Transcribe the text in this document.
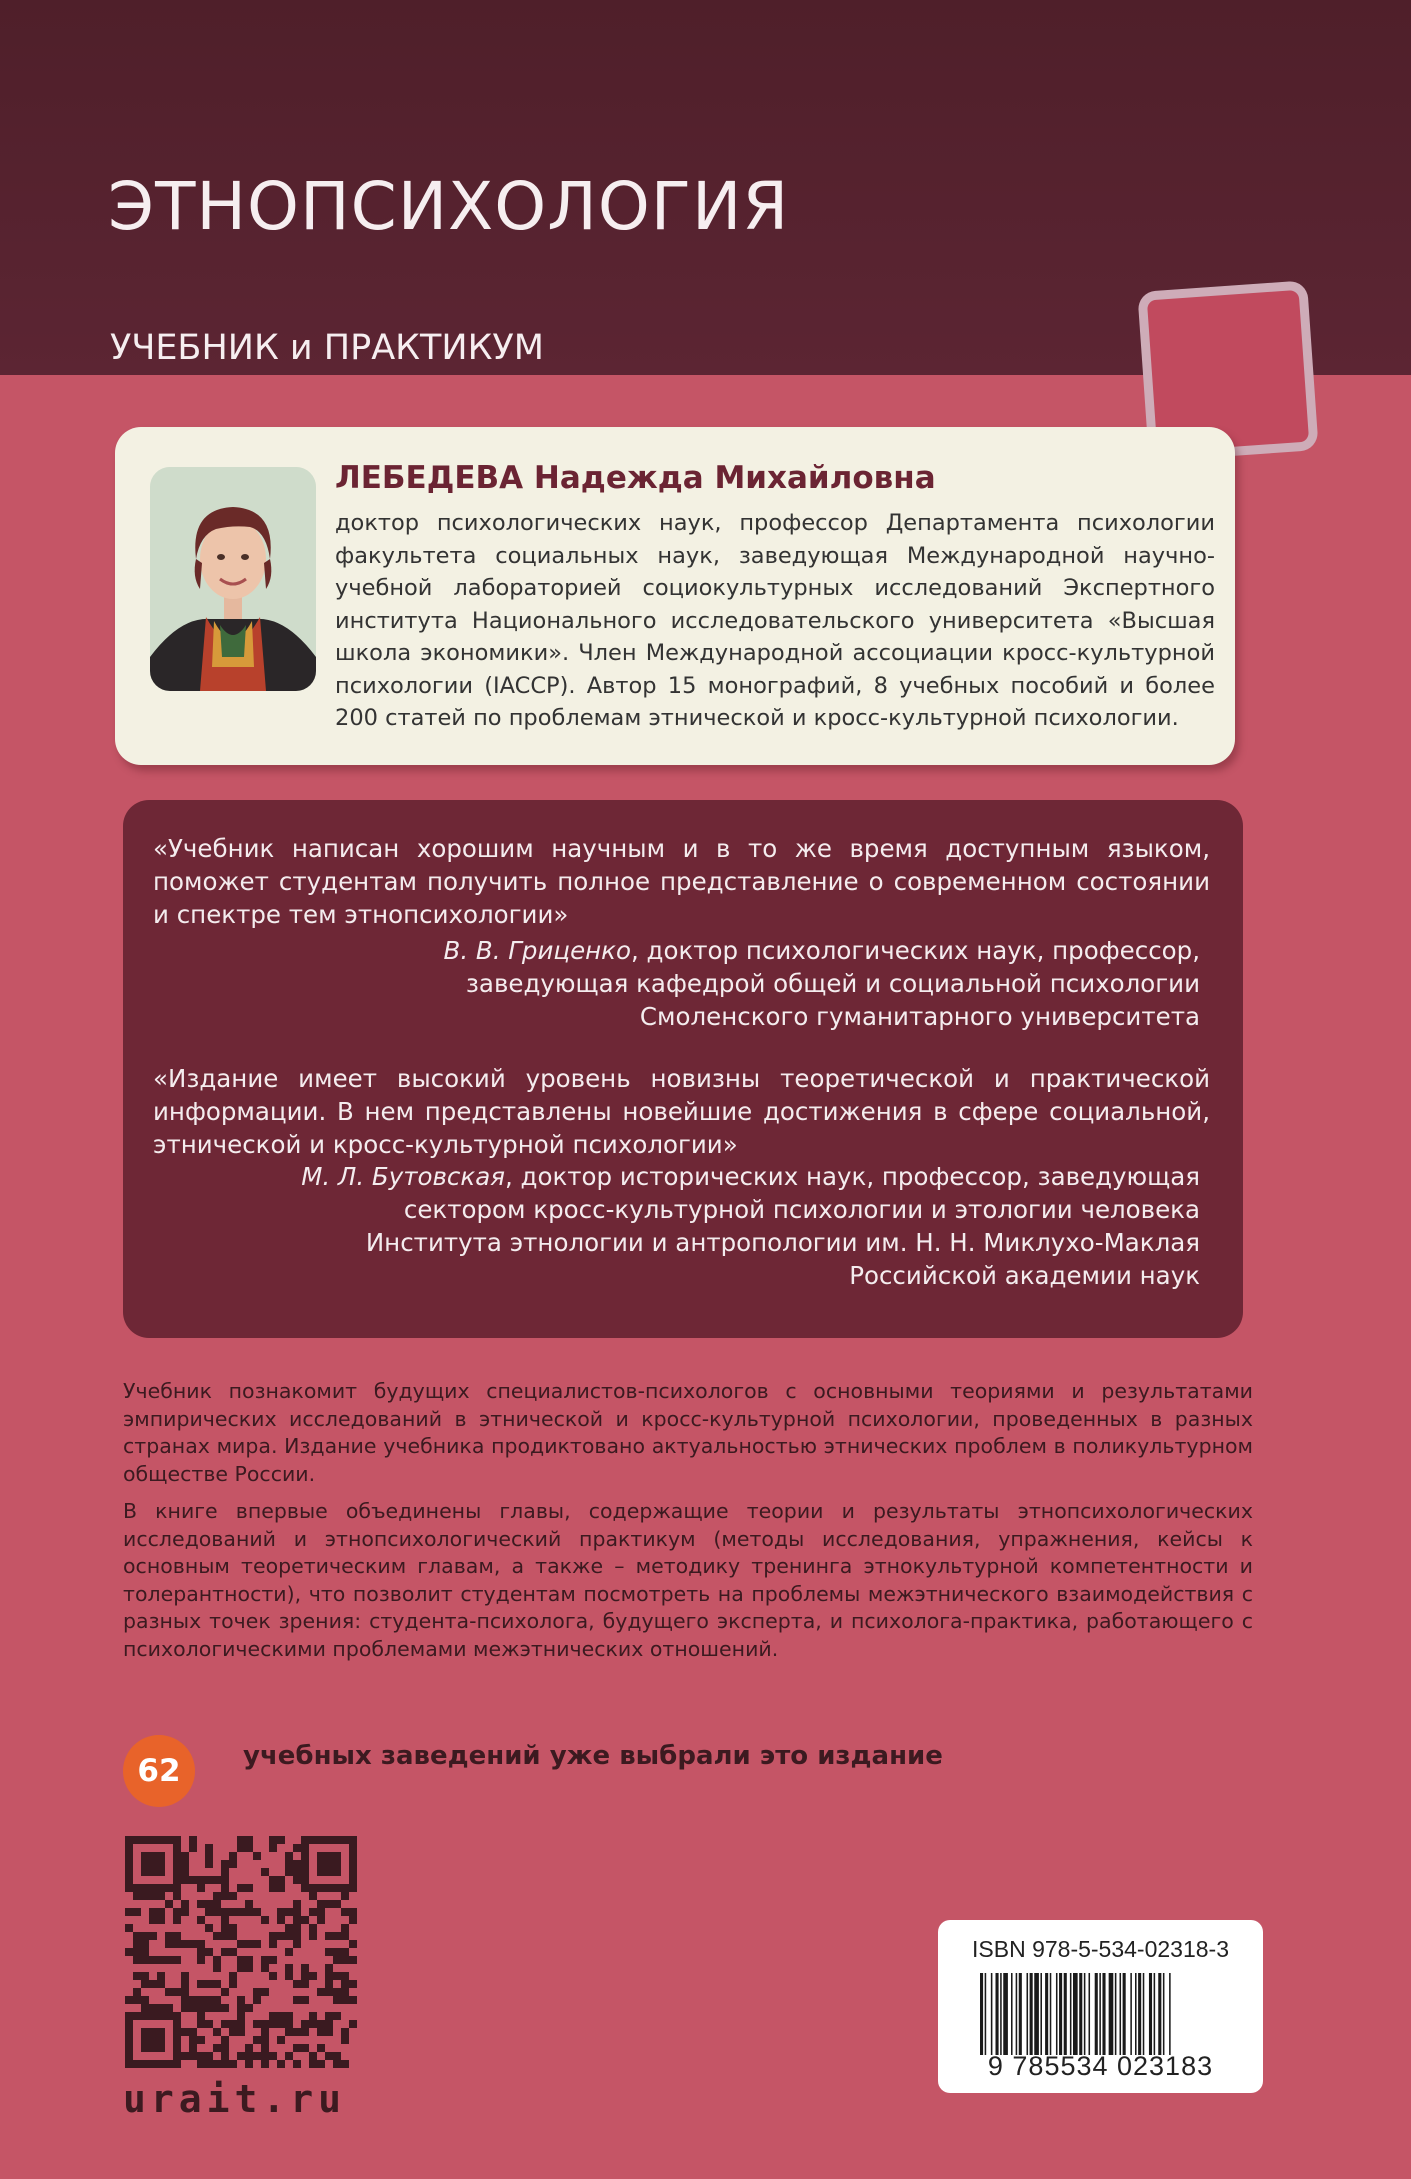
ЭТНОПСИХОЛОГИЯ
УЧЕБНИК и ПРАКТИКУМ

ЛЕБЕДЕВА Надежда Михайловна

доктор психологических наук, профессор Департамента психологии факультета социальных наук, заведующая Международной научно-учебной лабораторией социокультурных исследований Экспертного института Национального исследовательского университета «Высшая школа экономики». Член Международной ассоциации кросс-культурной психологии (IACCP). Автор 15 монографий, 8 учебных пособий и более 200 статей по проблемам этнической и кросс-культурной психологии.

«Учебник написан хорошим научным и в то же время доступным языком, поможет студентам получить полное представление о современном состоянии и спектре тем этнопсихологии»

В. В. Гриценко, доктор психологических наук, профессор, заведующая кафедрой общей и социальной психологии Смоленского гуманитарного университета

«Издание имеет высокий уровень новизны теоретической и практической информации. В нем представлены новейшие достижения в сфере социальной, этнической и кросс-культурной психологии»

М. Л. Бутовская, доктор исторических наук, профессор, заведующая сектором кросс-культурной психологии и этологии человека Института этнологии и антропологии им. Н. Н. Миклухо-Маклая Российской академии наук

Учебник познакомит будущих специалистов-психологов с основными теориями и результатами эмпирических исследований в этнической и кросс-культурной психологии, проведенных в разных странах мира. Издание учебника продиктовано актуальностью этнических проблем в поликультурном обществе России.

В книге впервые объединены главы, содержащие теории и результаты этнопсихологических исследований и этнопсихологический практикум (методы исследования, упражнения, кейсы к основным теоретическим главам, а также – методику тренинга этнокультурной компетентности и толерантности), что позволит студентам посмотреть на проблемы межэтнического взаимодействия с разных точек зрения: студента-психолога, будущего эксперта, и психолога-практика, работающего с психологическими проблемами межэтнических отношений.

62	учебных заведений уже выбрали это издание

urait.ru

ISBN 978-5-534-02318-3

9 785534 023183
